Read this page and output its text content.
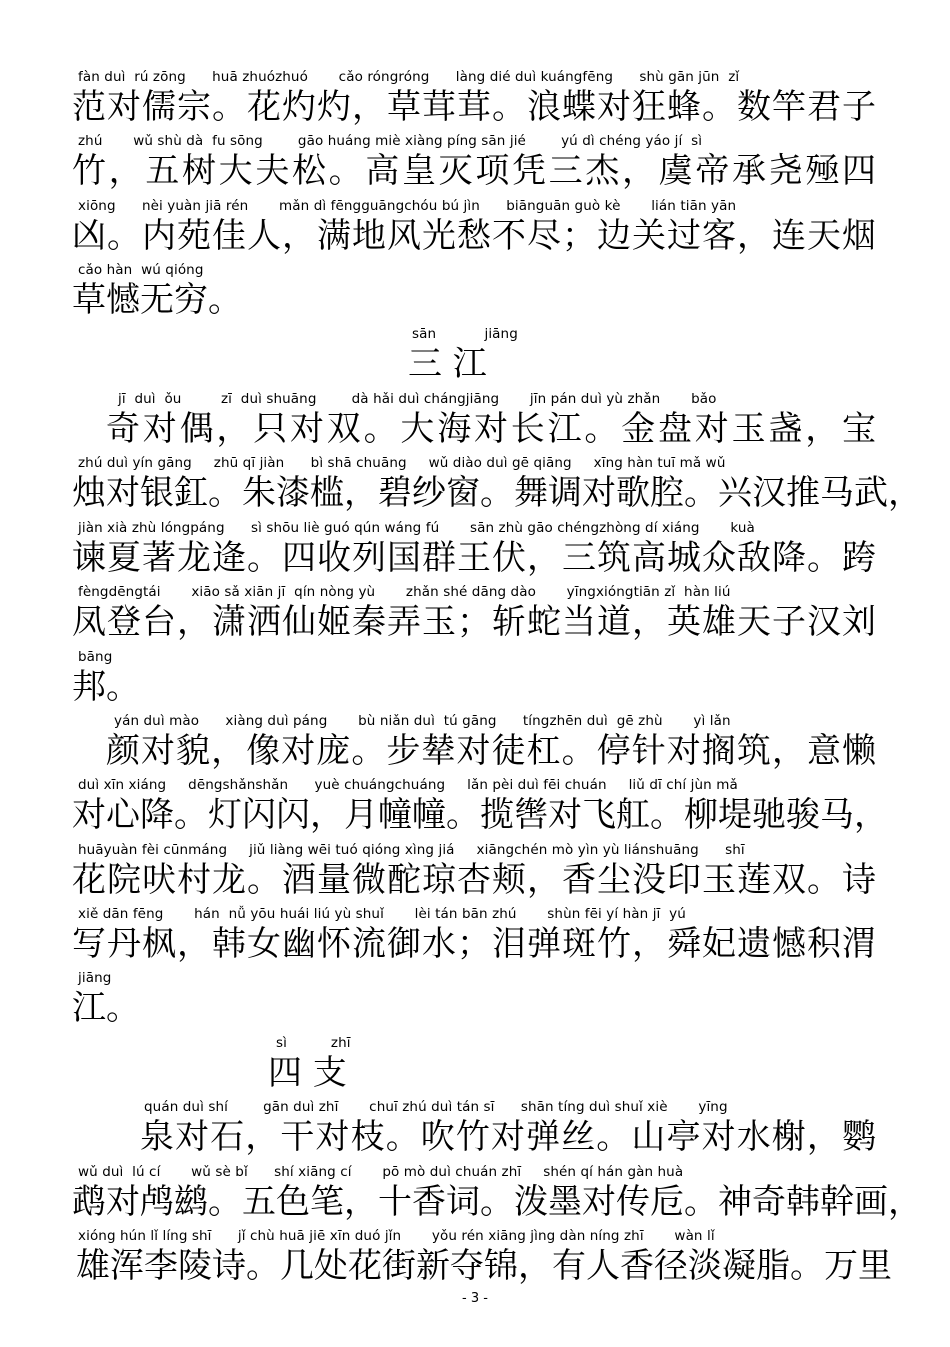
fàn duì  rú zōng      huā zhuózhuó       cǎo róngróng      làng dié duì kuángfēng      shù gān jūn  zǐ
范对儒宗。花灼灼，草茸茸。浪蝶对狂蜂。数竿君子
zhú       wǔ shù dà  fu sōng        gāo huáng miè xiàng píng sān jié        yú dì chéng yáo jí  sì
竹，五树大夫松。高皇灭项凭三杰，虞帝承尧殛四
xiōng      nèi yuàn jiā rén       mǎn dì fēngguāngchóu bú jìn      biānguān guò kè       lián tiān yān
凶。内苑佳人，满地风光愁不尽；边关过客，连天烟
cǎo hàn  wú qióng
草憾无穷。
sān           jiāng
三 江
jī  duì  ǒu         zī  duì shuāng        dà hǎi duì chángjiāng       jīn pán duì yù zhǎn       bǎo
奇对偶，只对双。大海对长江。金盘对玉盏，宝
zhú duì yín gāng     zhū qī jiàn      bì shā chuāng     wǔ diào duì gē qiāng     xīng hàn tuī mǎ wǔ
烛对银釭。朱漆槛，碧纱窗。舞调对歌腔。兴汉推马武，
jiàn xià zhù lóngpáng      sì shōu liè guó qún wáng fú       sān zhù gāo chéngzhòng dí xiáng       kuà
谏夏著龙逄。四收列国群王伏，三筑高城众敌降。跨
fèngdēngtái       xiāo sǎ xiān jī  qín nòng yù       zhǎn shé dāng dào       yīngxióngtiān zǐ  hàn liú
凤登台，潇洒仙姬秦弄玉；斩蛇当道，英雄天子汉刘
bāng
邦。
yán duì mào      xiàng duì páng       bù niǎn duì  tú gāng      tíngzhēn duì  gē zhù       yì lǎn
颜对貌，像对庞。步辇对徒杠。停针对搁筑，意懒
duì xīn xiáng     dēngshǎnshǎn      yuè chuángchuáng     lǎn pèi duì fēi chuán     liǔ dī chí jùn mǎ
对心降。灯闪闪，月幢幢。揽辔对飞舡。柳堤驰骏马，
huāyuàn fèi cūnmáng     jiǔ liàng wēi tuó qióng xìng jiá     xiāngchén mò yìn yù liánshuāng      shī
花院吠村龙。酒量微酡琼杏颊，香尘没印玉莲双。诗
xiě dān fēng       hán  nǚ yōu huái liú yù shuǐ       lèi tán bān zhú       shùn fēi yí hàn jī  yú
写丹枫，韩女幽怀流御水；泪弹斑竹，舜妃遗憾积渭
jiāng
江。
sì          zhī
四 支
quán duì shí        gān duì zhī       chuī zhú duì tán sī      shān tíng duì shuǐ xiè       yīng
泉对石，干对枝。吹竹对弹丝。山亭对水榭，鹦
wǔ duì  lú cí       wǔ sè bǐ      shí xiāng cí       pō mò duì chuán zhī     shén qí hán gàn huà
鹉对鸬鹚。五色笔，十香词。泼墨对传卮。神奇韩幹画，
xióng hún lǐ líng shī      jǐ chù huā jiē xīn duó jǐn       yǒu rén xiāng jìng dàn níng zhī       wàn lǐ
雄浑李陵诗。几处花街新夺锦，有人香径淡凝脂。万里
- 3 -
